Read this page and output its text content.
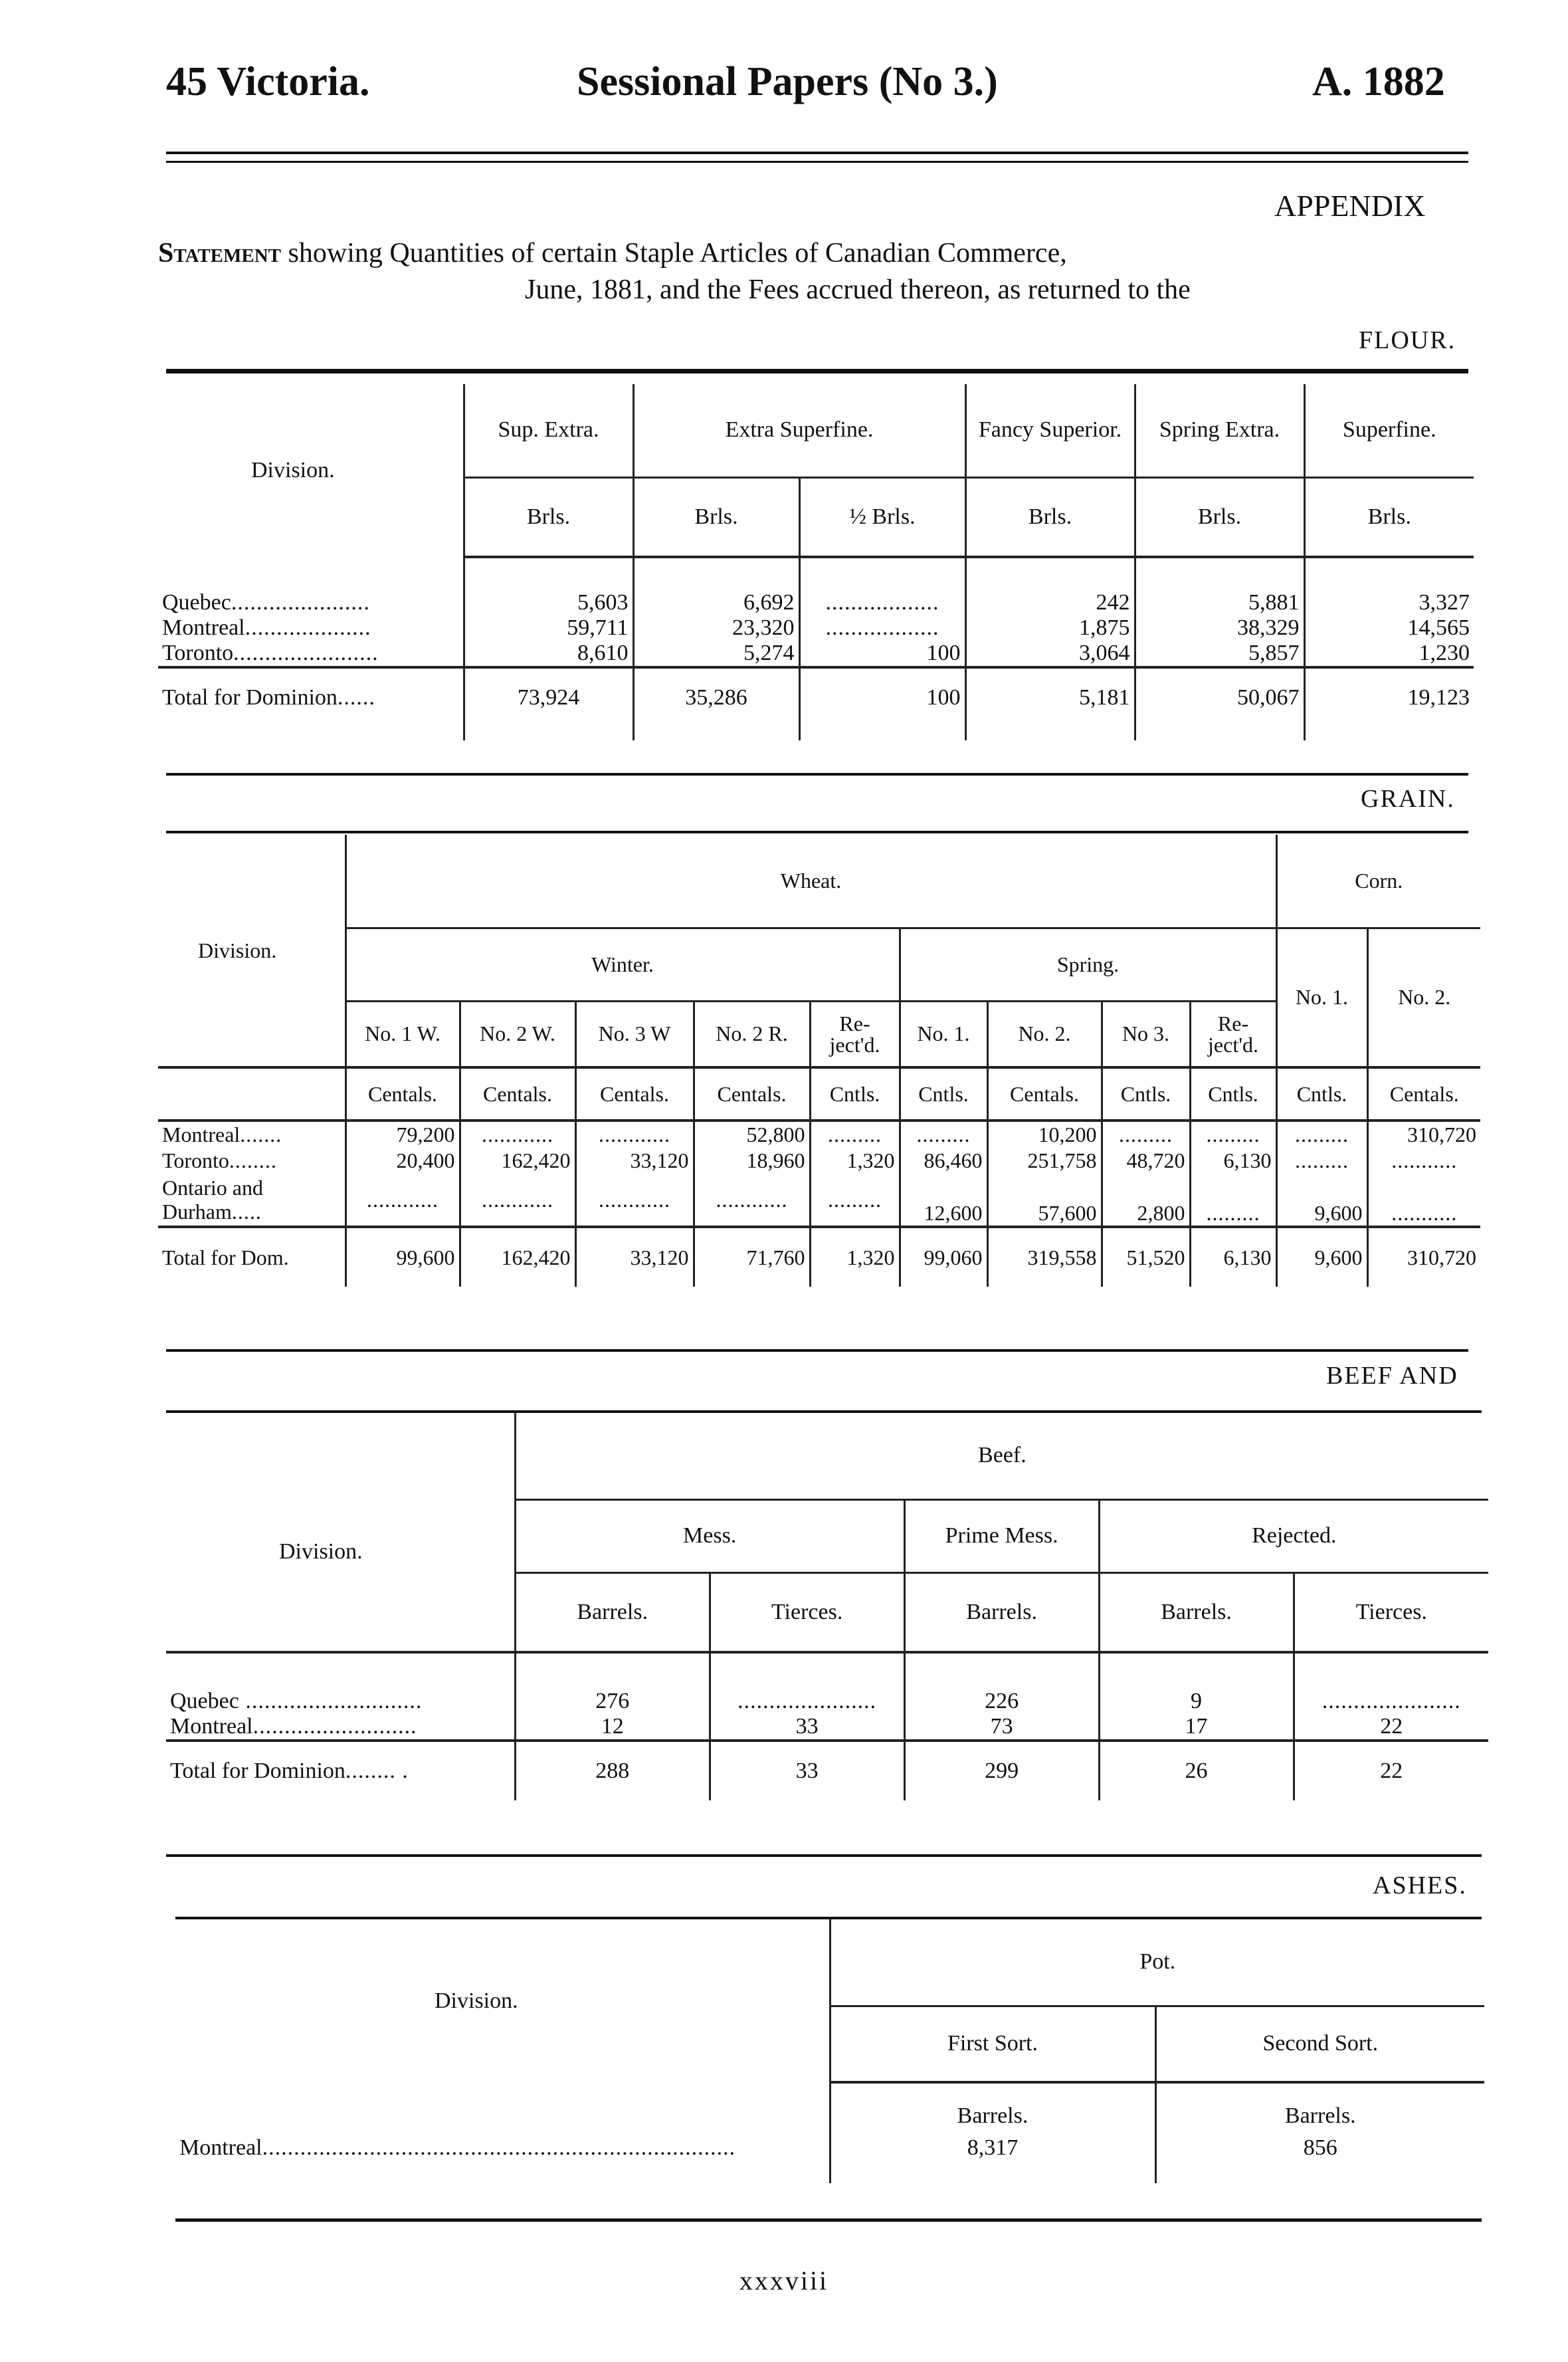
45 Victoria.	Sessional Papers (No 3.)	A. 1882
APPENDIX
Statement showing Quantities of certain Staple Articles of Canadian Commerce,
June, 1881, and the Fees accrued thereon, as returned to the
FLOUR.
Division.	Sup. Extra.	Extra Superfine.		Fancy Superior.	Spring Extra.	Superfine.
	Brls.	Brls.	½ Brls.	Brls.	Brls.	Brls.

Quebec......................	5,603	6,692	..................	242	5,881	3,327
Montreal....................	59,711	23,320	..................	1,875	38,329	14,565
Toronto.......................	8,610	5,274	100	3,064	5,857	1,230
Total for Dominion......	73,924	35,286	100	5,181	50,067	19,123

GRAIN.
Division.	Wheat.									Corn.	
	Winter.					Spring.				No. 1.	No. 2.
	No. 1 W.	No. 2 W.	No. 3 W	No. 2 R.	Re-ject'd.	No. 1.	No. 2.	No 3.	Re-ject'd.		
	Centals.	Centals.	Centals.	Centals.	Cntls.	Cntls.	Centals.	Cntls.	Cntls.	Cntls.	Centals.
Montreal.......	79,200	............	............	52,800	.........	.........	10,200	.........	.........	.........	310,720
Toronto........	20,400	162,420	33,120	18,960	1,320	86,460	251,758	48,720	6,130	.........	...........
Ontario and Durham.....	............	............	............	............	.........	12,600	57,600	2,800	.........	9,600	...........
Total for Dom.	99,600	162,420	33,120	71,760	1,320	99,060	319,558	51,520	6,130	9,600	310,720
BEEF AND
Division.	Beef.				
	Mess.		Prime Mess.	Rejected.	
	Barrels.	Tierces.	Barrels.	Barrels.	Tierces.

Quebec ............................	276	......................	226	9	......................
Montreal..........................	12	33	73	17	22
Total for Dominion........ .	288	33	299	26	22
ASHES.
Division.	Pot.	
	First Sort.	Second Sort.
	Barrels.	Barrels.
Montreal...........................................................................	8,317	856

xxxviii
